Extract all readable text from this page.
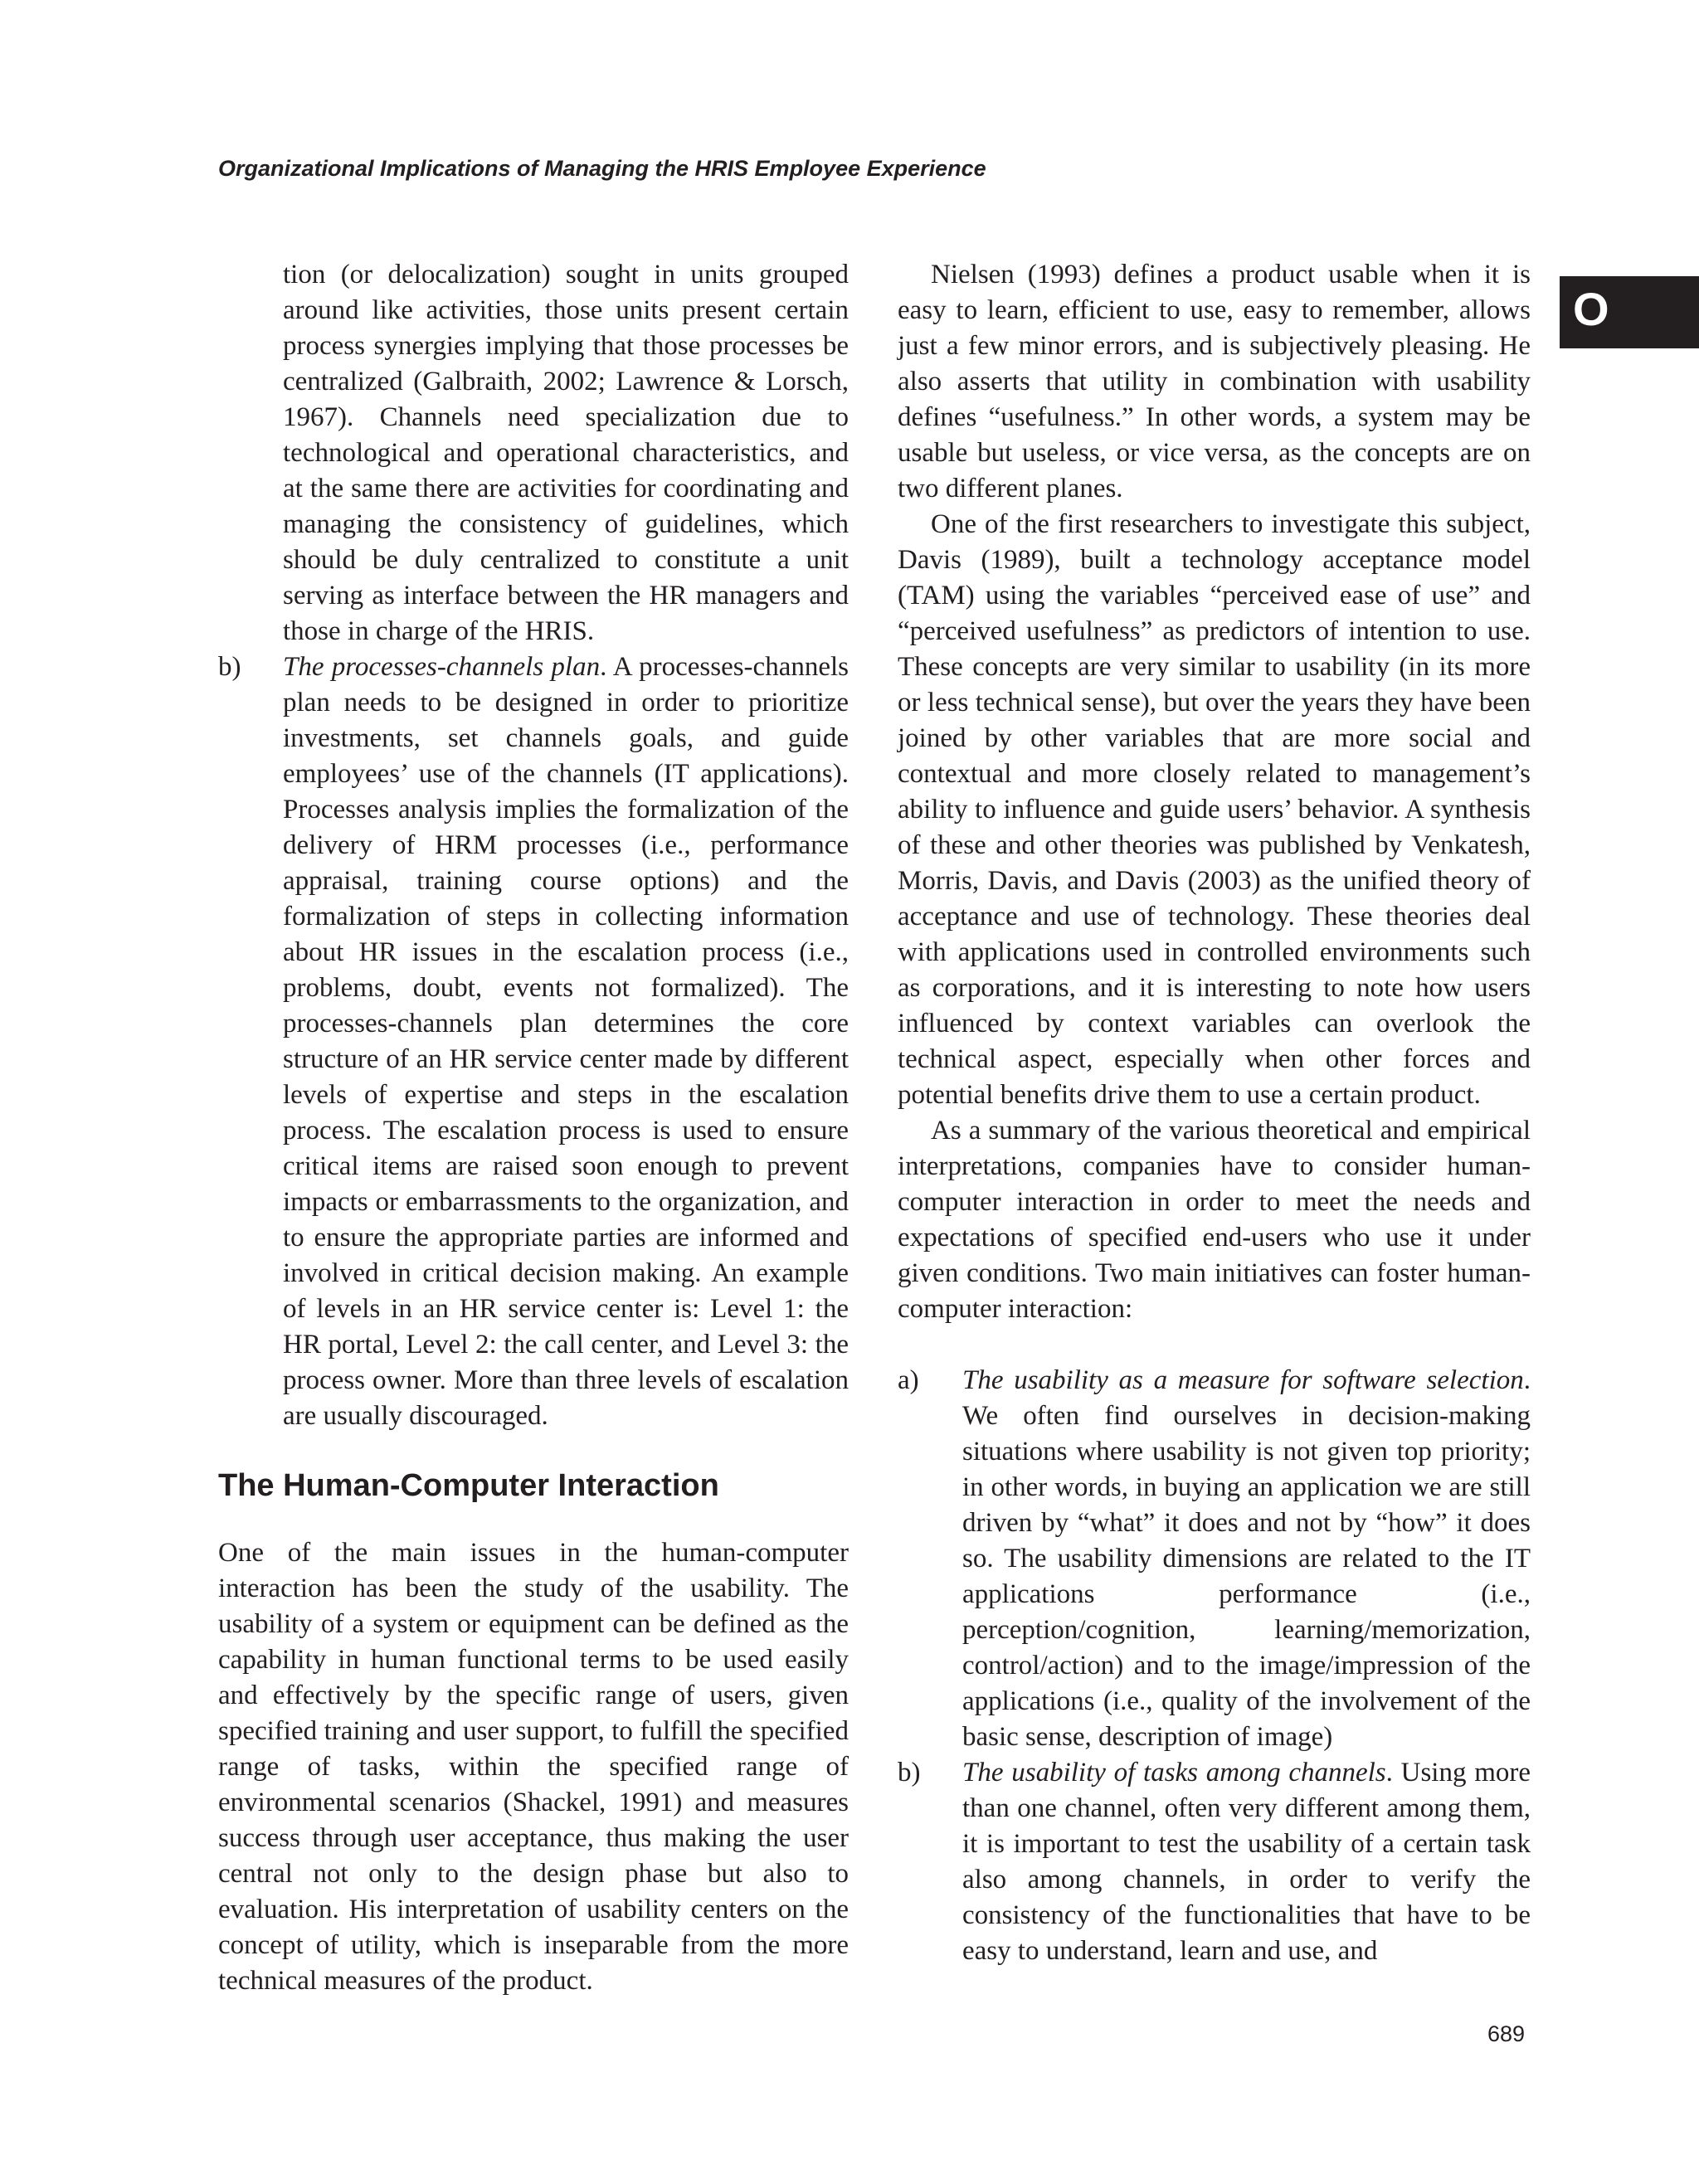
Organizational Implications of Managing the HRIS Employee Experience

O

tion (or delocalization) sought in units grouped around like activities, those units present certain process synergies implying that those processes be centralized (Galbraith, 2002; Lawrence & Lorsch, 1967). Channels need specialization due to technological and operational characteristics, and at the same there are activities for coordinating and managing the consistency of guidelines, which should be duly centralized to constitute a unit serving as interface between the HR managers and those in charge of the HRIS.

b) The processes-channels plan. A processes-channels plan needs to be designed in order to prioritize investments, set channels goals, and guide employees’ use of the channels (IT applications). Processes analysis implies the formalization of the delivery of HRM processes (i.e., performance appraisal, training course options) and the formalization of steps in collecting information about HR issues in the escalation process (i.e., problems, doubt, events not formalized). The processes-channels plan determines the core structure of an HR service center made by different levels of expertise and steps in the escalation process. The escalation process is used to ensure critical items are raised soon enough to prevent impacts or embarrassments to the organization, and to ensure the appropriate parties are informed and involved in critical decision making. An example of levels in an HR service center is: Level 1: the HR portal, Level 2: the call center, and Level 3: the process owner. More than three levels of escalation are usually discouraged.

The Human-Computer Interaction

One of the main issues in the human-computer interaction has been the study of the usability. The usability of a system or equipment can be defined as the capability in human functional terms to be used easily and effectively by the specific range of users, given specified training and user support, to fulfill the specified range of tasks, within the specified range of environmental scenarios (Shackel, 1991) and measures success through user acceptance, thus making the user central not only to the design phase but also to evaluation. His interpretation of usability centers on the concept of utility, which is inseparable from the more technical measures of the product.

Nielsen (1993) defines a product usable when it is easy to learn, efficient to use, easy to remember, allows just a few minor errors, and is subjectively pleasing. He also asserts that utility in combination with usability defines “usefulness.” In other words, a system may be usable but useless, or vice versa, as the concepts are on two different planes.

One of the first researchers to investigate this subject, Davis (1989), built a technology acceptance model (TAM) using the variables “perceived ease of use” and “perceived usefulness” as predictors of intention to use. These concepts are very similar to usability (in its more or less technical sense), but over the years they have been joined by other variables that are more social and contextual and more closely related to management’s ability to influence and guide users’ behavior. A synthesis of these and other theories was published by Venkatesh, Morris, Davis, and Davis (2003) as the unified theory of acceptance and use of technology. These theories deal with applications used in controlled environments such as corporations, and it is interesting to note how users influenced by context variables can overlook the technical aspect, especially when other forces and potential benefits drive them to use a certain product.

As a summary of the various theoretical and empirical interpretations, companies have to consider human-computer interaction in order to meet the needs and expectations of specified end-users who use it under given conditions. Two main initiatives can foster human-computer interaction:

a) The usability as a measure for software selection. We often find ourselves in decision-making situations where usability is not given top priority; in other words, in buying an application we are still driven by “what” it does and not by “how” it does so. The usability dimensions are related to the IT applications performance (i.e., perception/cognition, learning/memorization, control/action) and to the image/impression of the applications (i.e., quality of the involvement of the basic sense, description of image)

b) The usability of tasks among channels. Using more than one channel, often very different among them, it is important to test the usability of a certain task also among channels, in order to verify the consistency of the functionalities that have to be easy to understand, learn and use, and

689
